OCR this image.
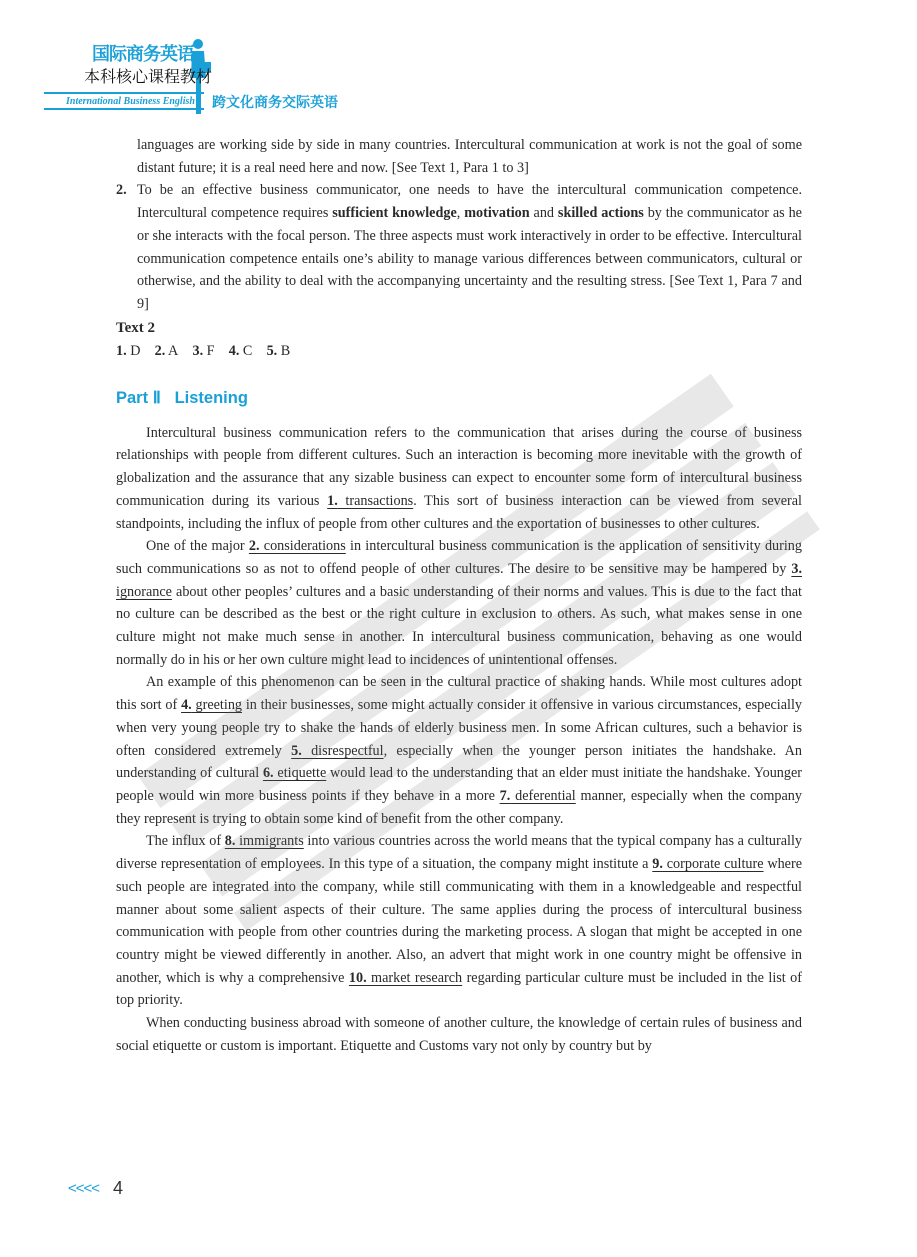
国际商务英语
本科核心课程教材
International Business English 跨文化商务交际英语

languages are working side by side in many countries. Intercultural communication at work is not the goal of some distant future; it is a real need here and now. [See Text 1, Para 1 to 3]

2. To be an effective business communicator, one needs to have the intercultural communication competence. Intercultural competence requires sufficient knowledge, motivation and skilled actions by the communicator as he or she interacts with the focal person. The three aspects must work interactively in order to be effective. Intercultural communication competence entails one’s ability to manage various differences between communicators, cultural or otherwise, and the ability to deal with the accompanying uncertainty and the resulting stress. [See Text 1, Para 7 and 9]

Text 2

1. D 2. A 3. F 4. C 5. B

Part Ⅱ Listening

Intercultural business communication refers to the communication that arises during the course of business relationships with people from different cultures. Such an interaction is becoming more inevitable with the growth of globalization and the assurance that any sizable business can expect to encounter some form of intercultural business communication during its various 1. transactions. This sort of business interaction can be viewed from several standpoints, including the influx of people from other cultures and the exportation of businesses to other cultures.

One of the major 2. considerations in intercultural business communication is the application of sensitivity during such communications so as not to offend people of other cultures. The desire to be sensitive may be hampered by 3. ignorance about other peoples’ cultures and a basic understanding of their norms and values. This is due to the fact that no culture can be described as the best or the right culture in exclusion to others. As such, what makes sense in one culture might not make much sense in another. In intercultural business communication, behaving as one would normally do in his or her own culture might lead to incidences of unintentional offenses.

An example of this phenomenon can be seen in the cultural practice of shaking hands. While most cultures adopt this sort of 4. greeting in their businesses, some might actually consider it offensive in various circumstances, especially when very young people try to shake the hands of elderly business men. In some African cultures, such a behavior is often considered extremely 5. disrespectful, especially when the younger person initiates the handshake. An understanding of cultural 6. etiquette would lead to the understanding that an elder must initiate the handshake. Younger people would win more business points if they behave in a more 7. deferential manner, especially when the company they represent is trying to obtain some kind of benefit from the other company.

The influx of 8. immigrants into various countries across the world means that the typical company has a culturally diverse representation of employees. In this type of a situation, the company might institute a 9. corporate culture where such people are integrated into the company, while still communicating with them in a knowledgeable and respectful manner about some salient aspects of their culture. The same applies during the process of intercultural business communication with people from other countries during the marketing process. A slogan that might be accepted in one country might be viewed differently in another. Also, an advert that might work in one country might be offensive in another, which is why a comprehensive 10. market research regarding particular culture must be included in the list of top priority.

When conducting business abroad with someone of another culture, the knowledge of certain rules of business and social etiquette or custom is important. Etiquette and Customs vary not only by country but by

<<<< 4
